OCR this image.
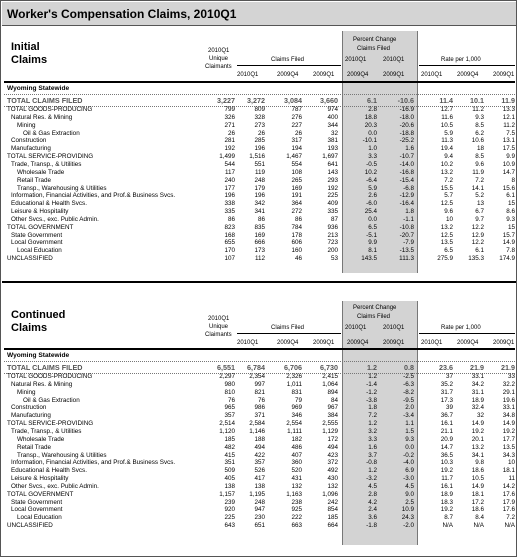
Worker's Compensation Claims, 2010Q1
Initial
Claims
2010Q1
Unique
Claimants
Claims Filed
Percent Change
Claims Filed
Rate per 1,000
2010Q1	2010Q1
2010Q1	2009Q4 2009Q1 2009Q4 2009Q1	2010Q1 2009Q4 2009Q1
Wyoming Statewide
TOTAL CLAIMS FILED	3,227	3,272	3,084	3,660	6.1	-10.6	11.4	10.1	11.9
TOTAL GOODS-PRODUCING	799	809	787	974	2.8	-16.9	12.7	11.2	13.3
Natural Res. & Mining	326	328	276	400	18.8	-18.0	11.6	9.3	12.1
Mining	271	273	227	344	20.3	-20.6	10.5	8.5	11.2
Oil & Gas Extraction	26	26	26	32	0.0	-18.8	5.9	6.2	7.5
Construction	281	285	317	381	-10.1	-25.2	11.3	10.6	13.1
Manufacturing	192	196	194	193	1.0	1.6	19.4	18	17.5
TOTAL SERVICE-PROVIDING	1,499	1,516	1,467	1,697	3.3	-10.7	9.4	8.5	9.9
Trade, Transp., & Utilities	544	551	554	641	-0.5	-14.0	10.2	9.6	10.9
Wholesale Trade	117	119	108	143	10.2	-16.8	13.2	11.9	14.7
Retail Trade	240	248	265	293	-6.4	-15.4	7.2	7.2	8
Transp., Warehousing & Utilities	177	179	169	192	5.9	-6.8	15.5	14.1	15.6
Information, Financial Activities, and Prof.& Business Svcs.	196	196	191	225	2.6	-12.9	5.7	5.2	6.1
Educational & Health Svcs.	338	342	364	409	-6.0	-16.4	12.5	13	15
Leisure & Hospitality	335	341	272	335	25.4	1.8	9.6	6.7	8.6
Other Svcs., exc. Public Admin.	86	86	86	87	0.0	-1.1	10	9.7	9.3
TOTAL GOVERNMENT	823	835	784	936	6.5	-10.8	13.2	12.2	15
State Government	168	169	178	213	-5.1	-20.7	12.5	12.9	15.7
Local Government	655	666	606	723	9.9	-7.9	13.5	12.2	14.9
Local Education	170	173	160	200	8.1	-13.5	6.5	6.1	7.8
UNCLASSIFIED	107	112	46	53	143.5	111.3	275.9	135.3	174.9
Continued
Claims
2010Q1
Unique
Claimants
Claims Filed
Percent Change
Claims Filed
Rate per 1,000
2010Q1	2010Q1
2010Q1	2009Q4 2009Q1 2009Q4 2009Q1	2010Q1 2009Q4 2009Q1
Wyoming Statewide
TOTAL CLAIMS FILED	6,551	6,784	6,706	6,730	1.2	0.8	23.6	21.9	21.9
TOTAL GOODS-PRODUCING	2,297	2,354	2,326	2,415	1.2	-2.5	37	33.1	33
Natural Res. & Mining	980	997	1,011	1,064	-1.4	-6.3	35.2	34.2	32.2
Mining	810	821	831	894	-1.2	-8.2	31.7	31.1	29.1
Oil & Gas Extraction	76	76	79	84	-3.8	-9.5	17.3	18.9	19.6
Construction	965	986	969	967	1.8	2.0	39	32.4	33.1
Manufacturing	357	371	346	384	7.2	-3.4	36.7	32	34.8
TOTAL SERVICE-PROVIDING	2,514	2,584	2,554	2,555	1.2	1.1	16.1	14.9	14.9
Trade, Transp., & Utilities	1,120	1,146	1,111	1,129	3.2	1.5	21.1	19.2	19.2
Wholesale Trade	185	188	182	172	3.3	9.3	20.9	20.1	17.7
Retail Trade	482	494	486	494	1.6	0.0	14.7	13.2	13.5
Transp., Warehousing & Utilities	415	422	407	423	3.7	-0.2	36.5	34.1	34.3
Information, Financial Activities, and Prof.& Business Svcs.	351	357	360	372	-0.8	-4.0	10.3	9.8	10
Educational & Health Svcs.	509	526	520	492	1.2	6.9	19.2	18.6	18.1
Leisure & Hospitality	405	417	431	430	-3.2	-3.0	11.7	10.5	11
Other Svcs., exc. Public Admin.	138	138	132	132	4.5	4.5	16.1	14.9	14.2
TOTAL GOVERNMENT	1,157	1,195	1,163	1,096	2.8	9.0	18.9	18.1	17.6
State Government	239	248	238	242	4.2	2.5	18.3	17.2	17.9
Local Government	920	947	925	854	2.4	10.9	19.2	18.6	17.6
Local Education	225	230	222	185	3.6	24.3	8.7	8.4	7.2
UNCLASSIFIED	643	651	663	664	-1.8	-2.0	N/A	N/A	N/A
